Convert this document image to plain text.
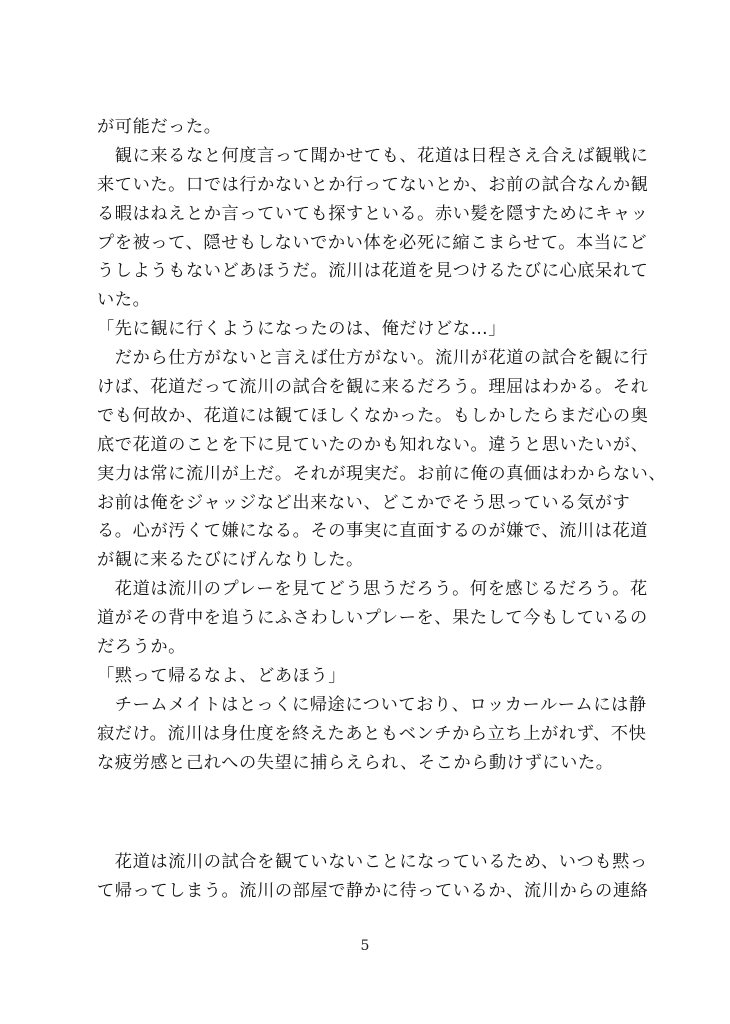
が可能だった。
　観に来るなと何度言って聞かせても、花道は日程さえ合えば観戦に
来ていた。口では行かないとか行ってないとか、お前の試合なんか観
る暇はねえとか言っていても探すといる。赤い髪を隠すためにキャッ
プを被って、隠せもしないでかい体を必死に縮こまらせて。本当にど
うしようもないどあほうだ。流川は花道を見つけるたびに心底呆れて
いた。
「先に観に行くようになったのは、俺だけどな…」
　だから仕方がないと言えば仕方がない。流川が花道の試合を観に行
けば、花道だって流川の試合を観に来るだろう。理屈はわかる。それ
でも何故か、花道には観てほしくなかった。もしかしたらまだ心の奥
底で花道のことを下に見ていたのかも知れない。違うと思いたいが、
実力は常に流川が上だ。それが現実だ。お前に俺の真価はわからない、
お前は俺をジャッジなど出来ない、どこかでそう思っている気がす
る。心が汚くて嫌になる。その事実に直面するのが嫌で、流川は花道
が観に来るたびにげんなりした。
　花道は流川のプレーを見てどう思うだろう。何を感じるだろう。花
道がその背中を追うにふさわしいプレーを、果たして今もしているの
だろうか。
「黙って帰るなよ、どあほう」
　チームメイトはとっくに帰途についており、ロッカールームには静
寂だけ。流川は身仕度を終えたあともベンチから立ち上がれず、不快
な疲労感と己れへの失望に捕らえられ、そこから動けずにいた。
　花道は流川の試合を観ていないことになっているため、いつも黙っ
て帰ってしまう。流川の部屋で静かに待っているか、流川からの連絡
5
